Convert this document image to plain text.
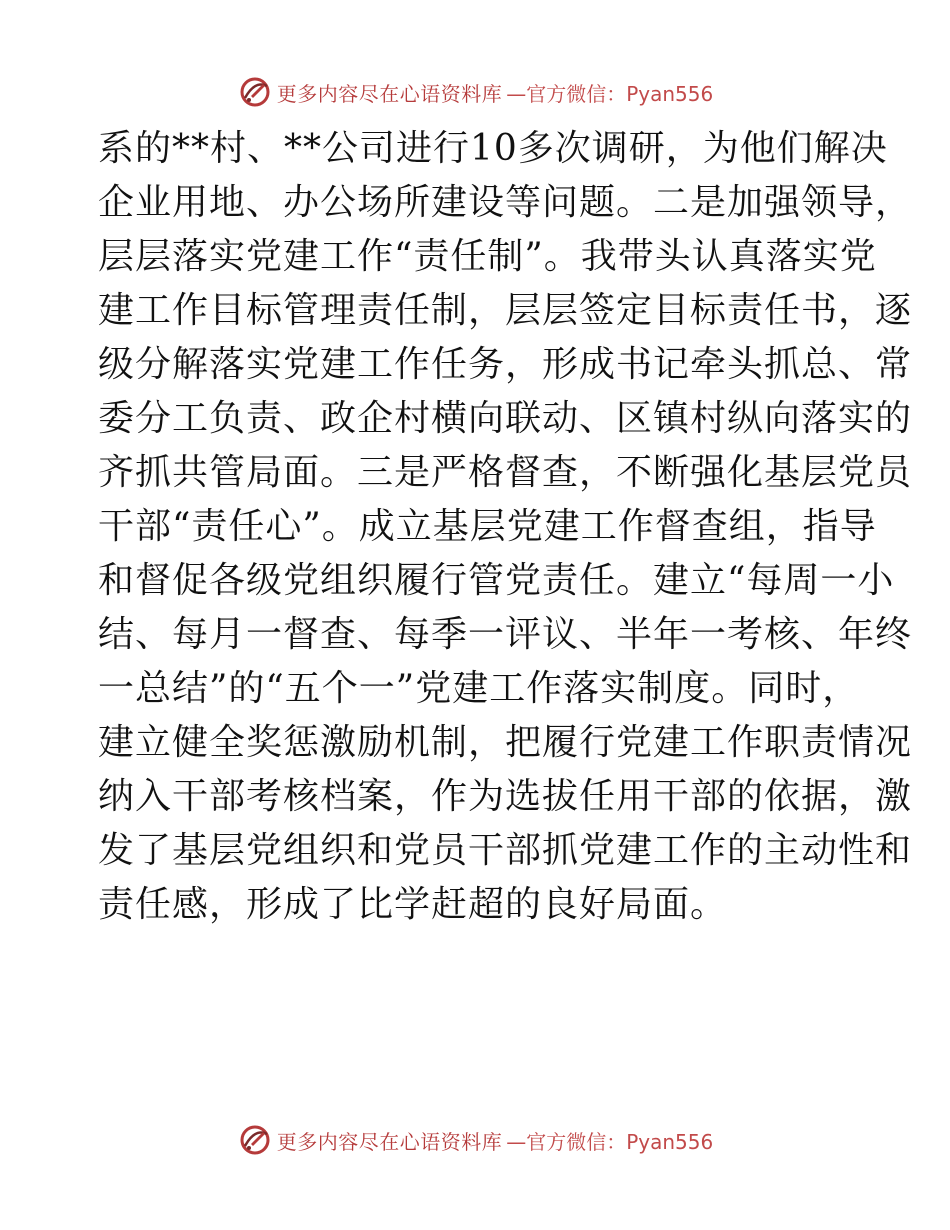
更多内容尽在心语资料库 —官方微信：Pyan556
系的**村、**公司进行10多次调研，为他们解决
企业用地、办公场所建设等问题。二是加强领导，
层层落实党建工作“责任制”。我带头认真落实党
建工作目标管理责任制，层层签定目标责任书，逐
级分解落实党建工作任务，形成书记牵头抓总、常
委分工负责、政企村横向联动、区镇村纵向落实的
齐抓共管局面。三是严格督查，不断强化基层党员
干部“责任心”。成立基层党建工作督查组，指导
和督促各级党组织履行管党责任。建立“每周一小
结、每月一督查、每季一评议、半年一考核、年终
一总结”的“五个一”党建工作落实制度。同时，
建立健全奖惩激励机制，把履行党建工作职责情况
纳入干部考核档案，作为选拔任用干部的依据，激
发了基层党组织和党员干部抓党建工作的主动性和
责任感，形成了比学赶超的良好局面。
更多内容尽在心语资料库 —官方微信：Pyan556
